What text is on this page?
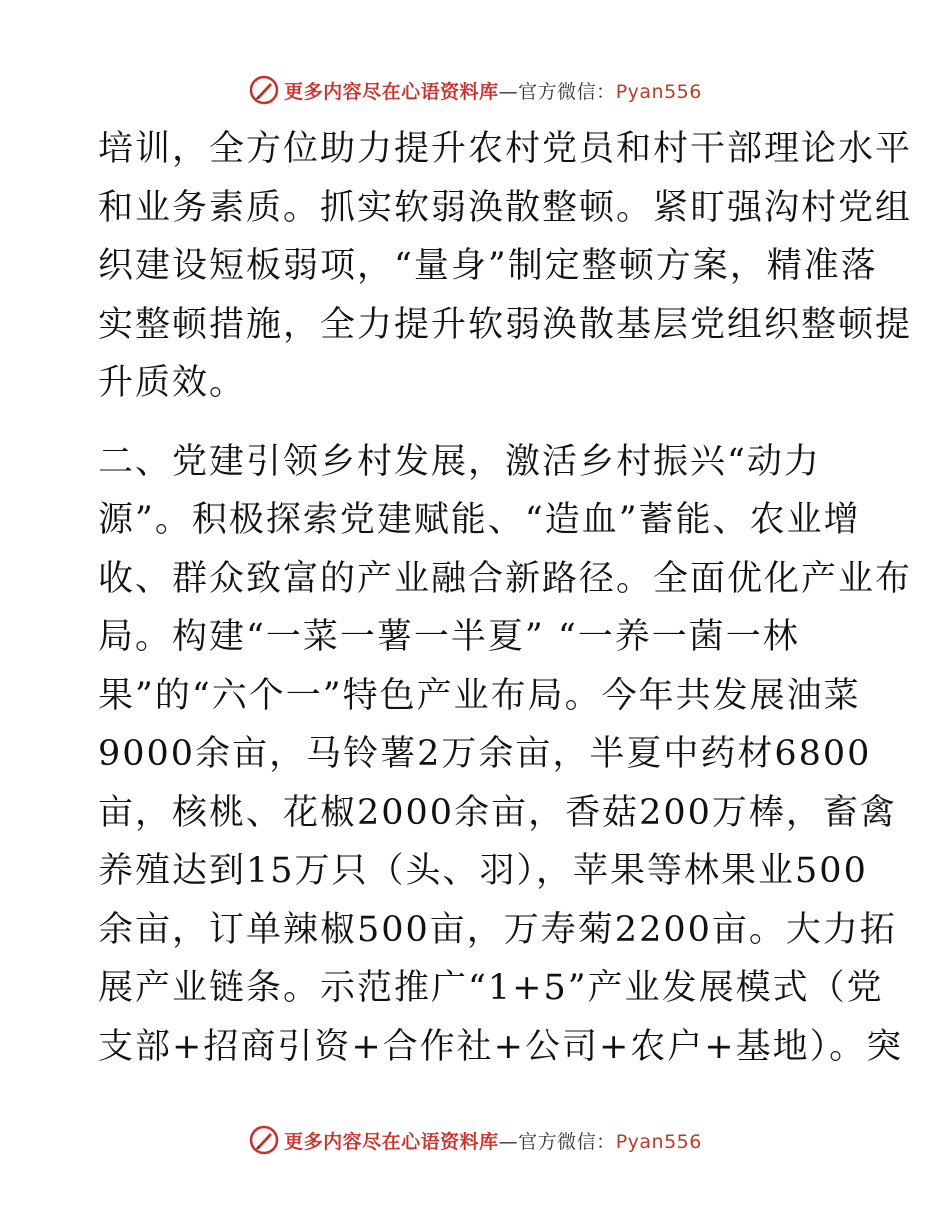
更多内容尽在心语资料库—官方微信：Pyan556
培训，全方位助力提升农村党员和村干部理论水平
和业务素质。抓实软弱涣散整顿。紧盯强沟村党组
织建设短板弱项，“量身”制定整顿方案，精准落
实整顿措施，全力提升软弱涣散基层党组织整顿提
升质效。
二、党建引领乡村发展，激活乡村振兴“动力
源”。积极探索党建赋能、“造血”蓄能、农业增
收、群众致富的产业融合新路径。全面优化产业布
局。构建“一菜一薯一半夏” “一养一菌一林
果”的“六个一”特色产业布局。今年共发展油菜
9000余亩，马铃薯2万余亩，半夏中药材6800
亩，核桃、花椒2000余亩，香菇200万棒，畜禽
养殖达到15万只（头、羽），苹果等林果业500
余亩，订单辣椒500亩，万寿菊2200亩。大力拓
展产业链条。示范推广“1+5”产业发展模式（党
支部+招商引资+合作社+公司+农户+基地）。突
更多内容尽在心语资料库—官方微信：Pyan556
